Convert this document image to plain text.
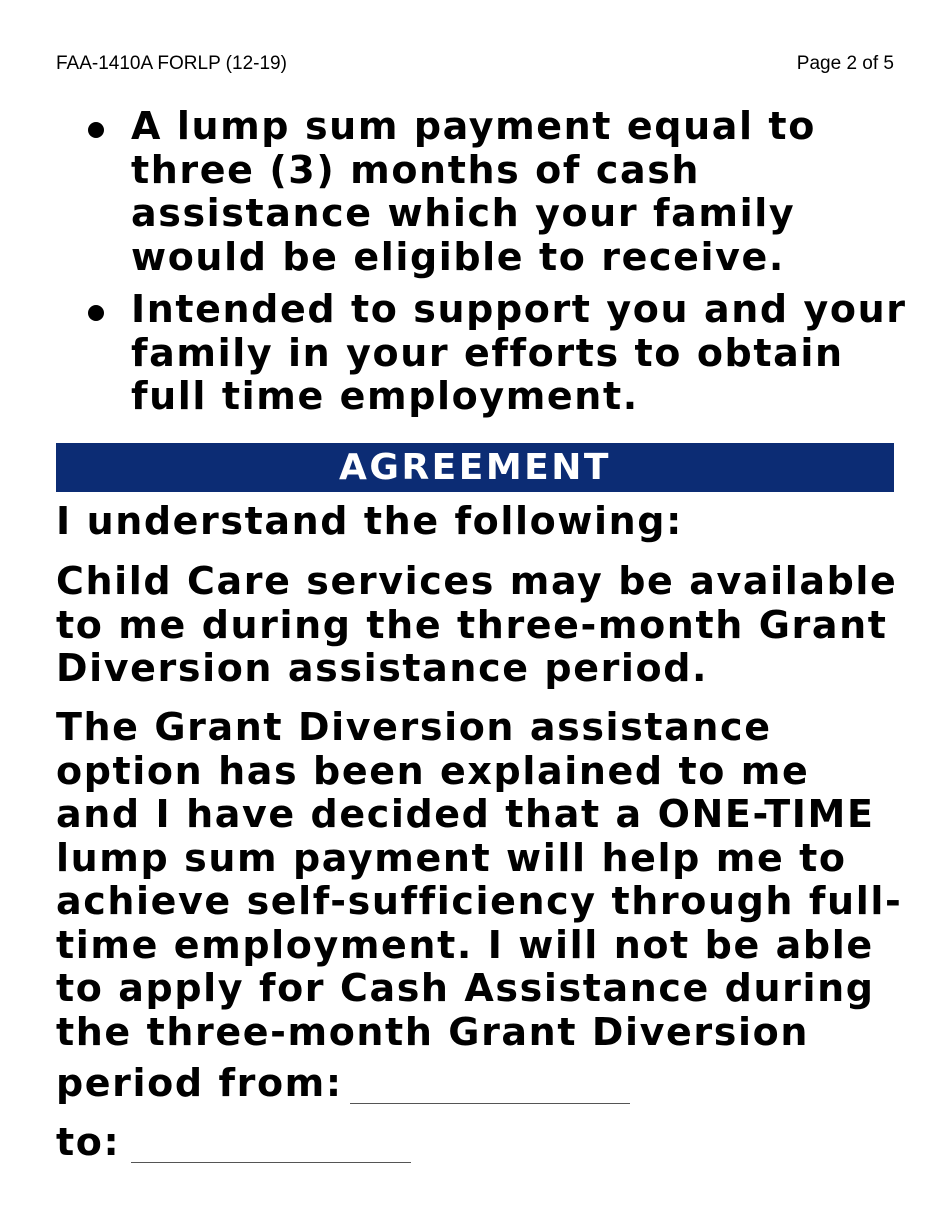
FAA-1410A FORLP (12-19)	Page 2 of 5
A lump sum payment equal to three (3) months of cash assistance which your family would be eligible to receive.
Intended to support you and your family in your efforts to obtain full time employment.
AGREEMENT

I understand the following:

Child Care services may be available to me during the three-month Grant Diversion assistance period.

The Grant Diversion assistance option has been explained to me and I have decided that a ONE-TIME lump sum payment will help me to achieve self-sufficiency through full-time employment. I will not be able to apply for Cash Assistance during the three-month Grant Diversion

period from:
to:
